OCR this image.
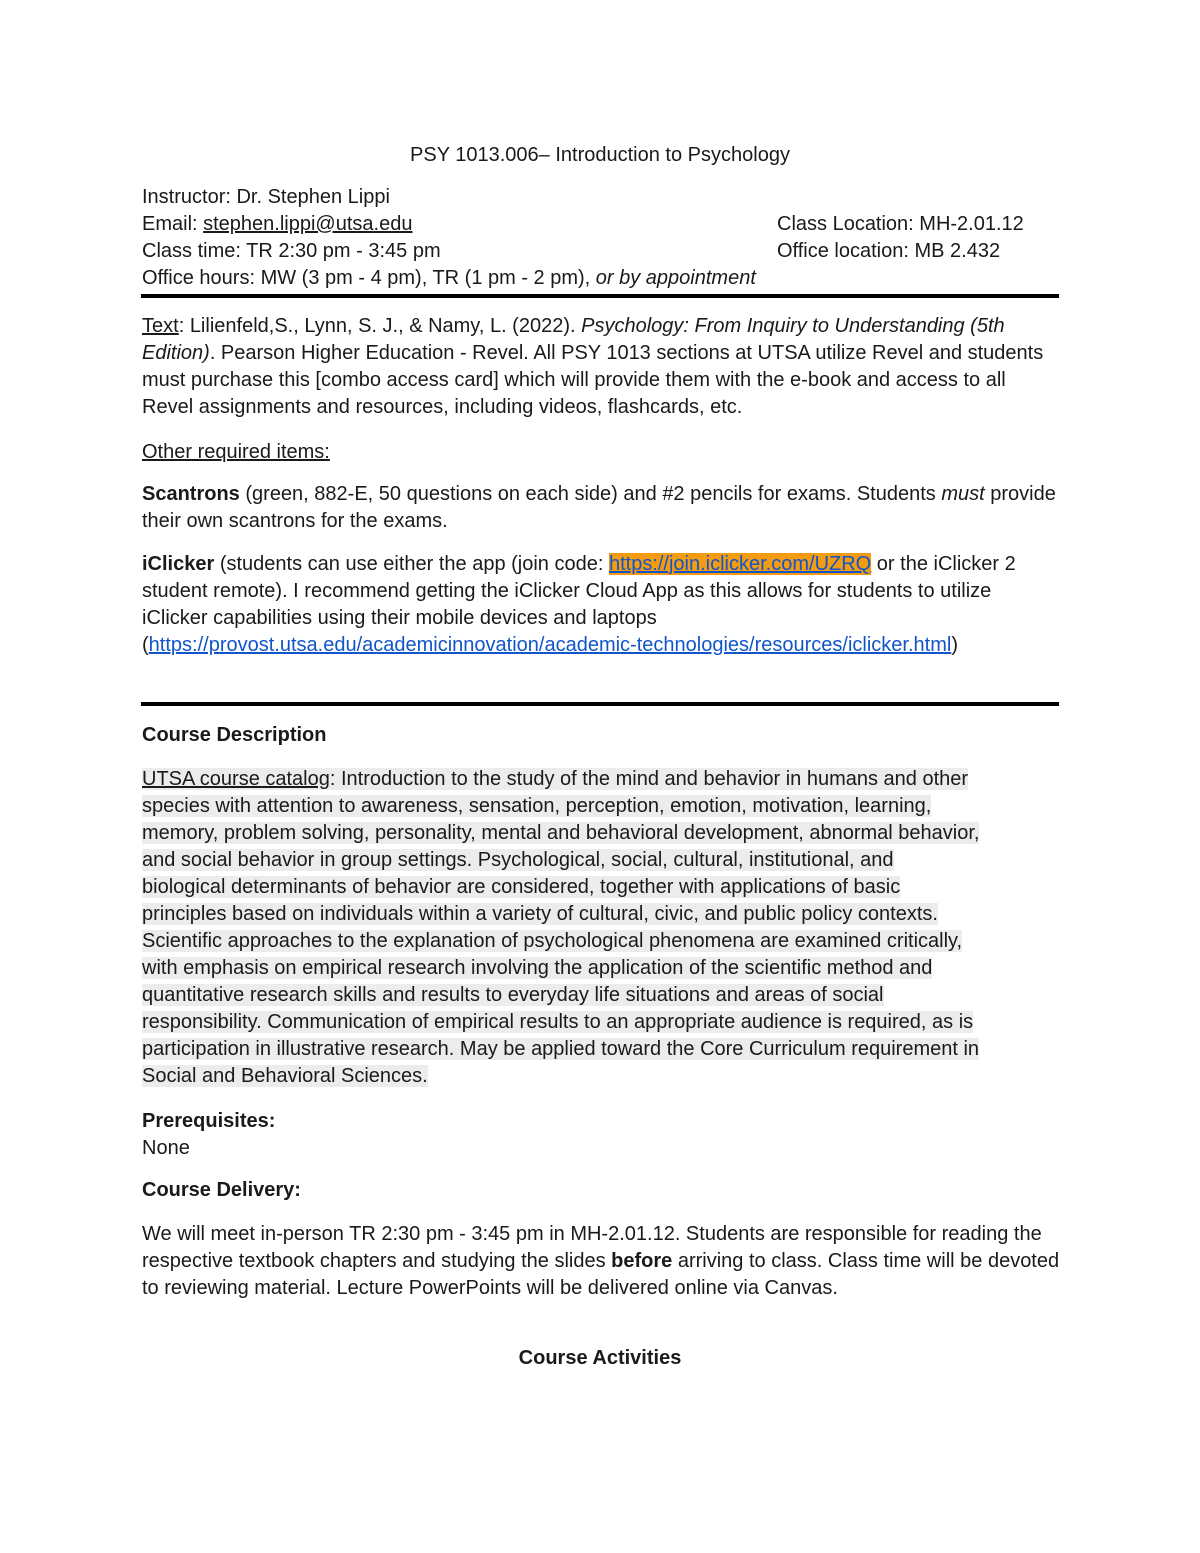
PSY 1013.006– Introduction to Psychology
Instructor: Dr. Stephen Lippi
Email: stephen.lippi@utsa.edu	Class Location: MH-2.01.12
Class time: TR 2:30 pm - 3:45 pm	Office location: MB 2.432
Office hours: MW (3 pm - 4 pm), TR (1 pm - 2 pm), or by appointment
Text: Lilienfeld,S., Lynn, S. J., & Namy, L. (2022). Psychology: From Inquiry to Understanding (5th Edition). Pearson Higher Education - Revel. All PSY 1013 sections at UTSA utilize Revel and students must purchase this [combo access card] which will provide them with the e-book and access to all Revel assignments and resources, including videos, flashcards, etc.
Other required items:
Scantrons (green, 882-E, 50 questions on each side) and #2 pencils for exams. Students must provide their own scantrons for the exams.
iClicker (students can use either the app (join code: https://join.iclicker.com/UZRQ or the iClicker 2 student remote). I recommend getting the iClicker Cloud App as this allows for students to utilize iClicker capabilities using their mobile devices and laptops (https://provost.utsa.edu/academicinnovation/academic-technologies/resources/iclicker.html)
Course Description
UTSA course catalog: Introduction to the study of the mind and behavior in humans and other
species with attention to awareness, sensation, perception, emotion, motivation, learning,
memory, problem solving, personality, mental and behavioral development, abnormal behavior,
and social behavior in group settings. Psychological, social, cultural, institutional, and
biological determinants of behavior are considered, together with applications of basic
principles based on individuals within a variety of cultural, civic, and public policy contexts.
Scientific approaches to the explanation of psychological phenomena are examined critically,
with emphasis on empirical research involving the application of the scientific method and
quantitative research skills and results to everyday life situations and areas of social
responsibility. Communication of empirical results to an appropriate audience is required, as is
participation in illustrative research. May be applied toward the Core Curriculum requirement in
Social and Behavioral Sciences.
Prerequisites:
None
Course Delivery:
We will meet in-person TR 2:30 pm - 3:45 pm in MH-2.01.12. Students are responsible for reading the respective textbook chapters and studying the slides before arriving to class. Class time will be devoted to reviewing material. Lecture PowerPoints will be delivered online via Canvas.
Course Activities
